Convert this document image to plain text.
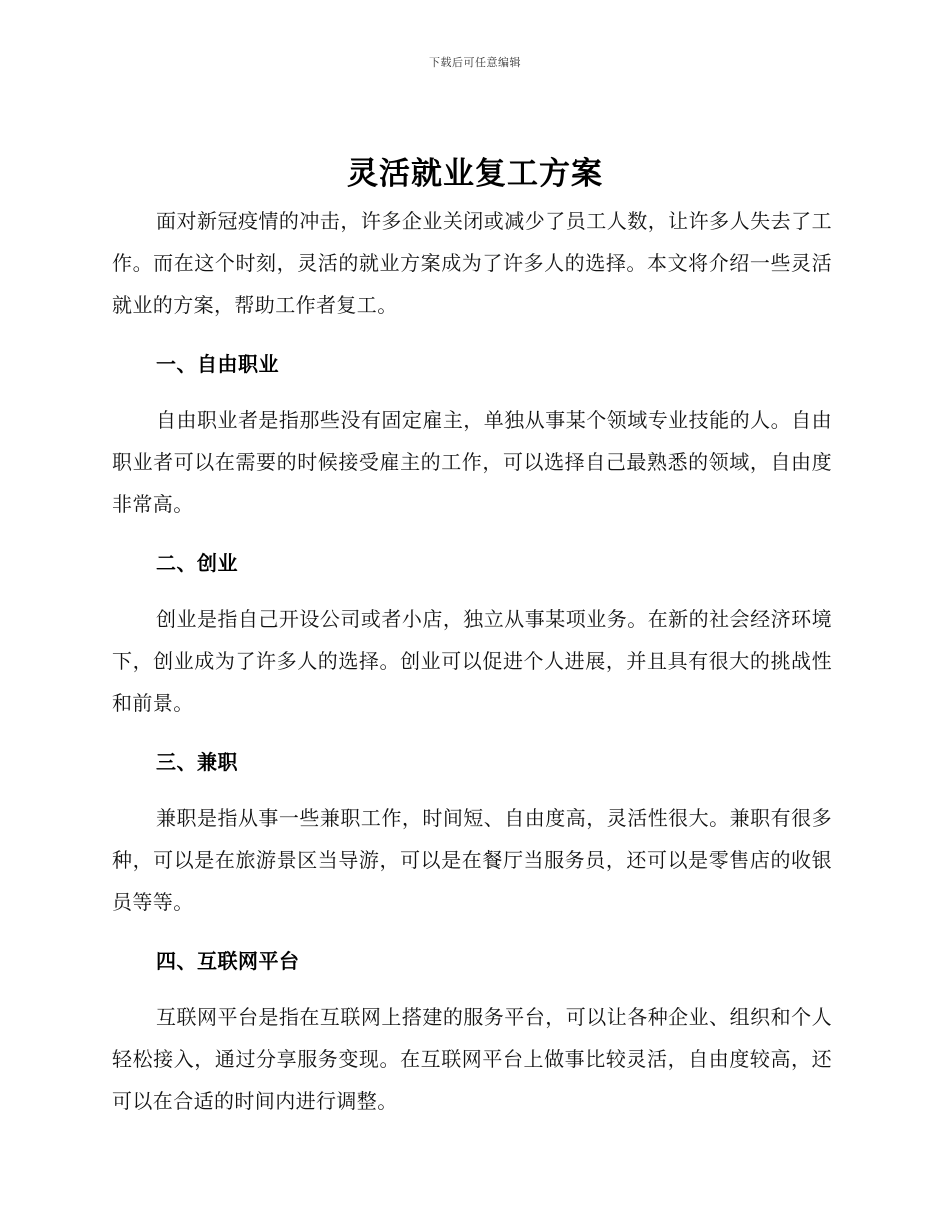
下载后可任意编辑
灵活就业复工方案

面对新冠疫情的冲击，许多企业关闭或减少了员工人数，让许多人失去了工作。而在这个时刻，灵活的就业方案成为了许多人的选择。本文将介绍一些灵活就业的方案，帮助工作者复工。

一、自由职业

自由职业者是指那些没有固定雇主，单独从事某个领域专业技能的人。自由职业者可以在需要的时候接受雇主的工作，可以选择自己最熟悉的领域，自由度非常高。

二、创业

创业是指自己开设公司或者小店，独立从事某项业务。在新的社会经济环境下，创业成为了许多人的选择。创业可以促进个人进展，并且具有很大的挑战性和前景。

三、兼职

兼职是指从事一些兼职工作，时间短、自由度高，灵活性很大。兼职有很多种，可以是在旅游景区当导游，可以是在餐厅当服务员，还可以是零售店的收银员等等。

四、互联网平台

互联网平台是指在互联网上搭建的服务平台，可以让各种企业、组织和个人轻松接入，通过分享服务变现。在互联网平台上做事比较灵活，自由度较高，还可以在合适的时间内进行调整。
